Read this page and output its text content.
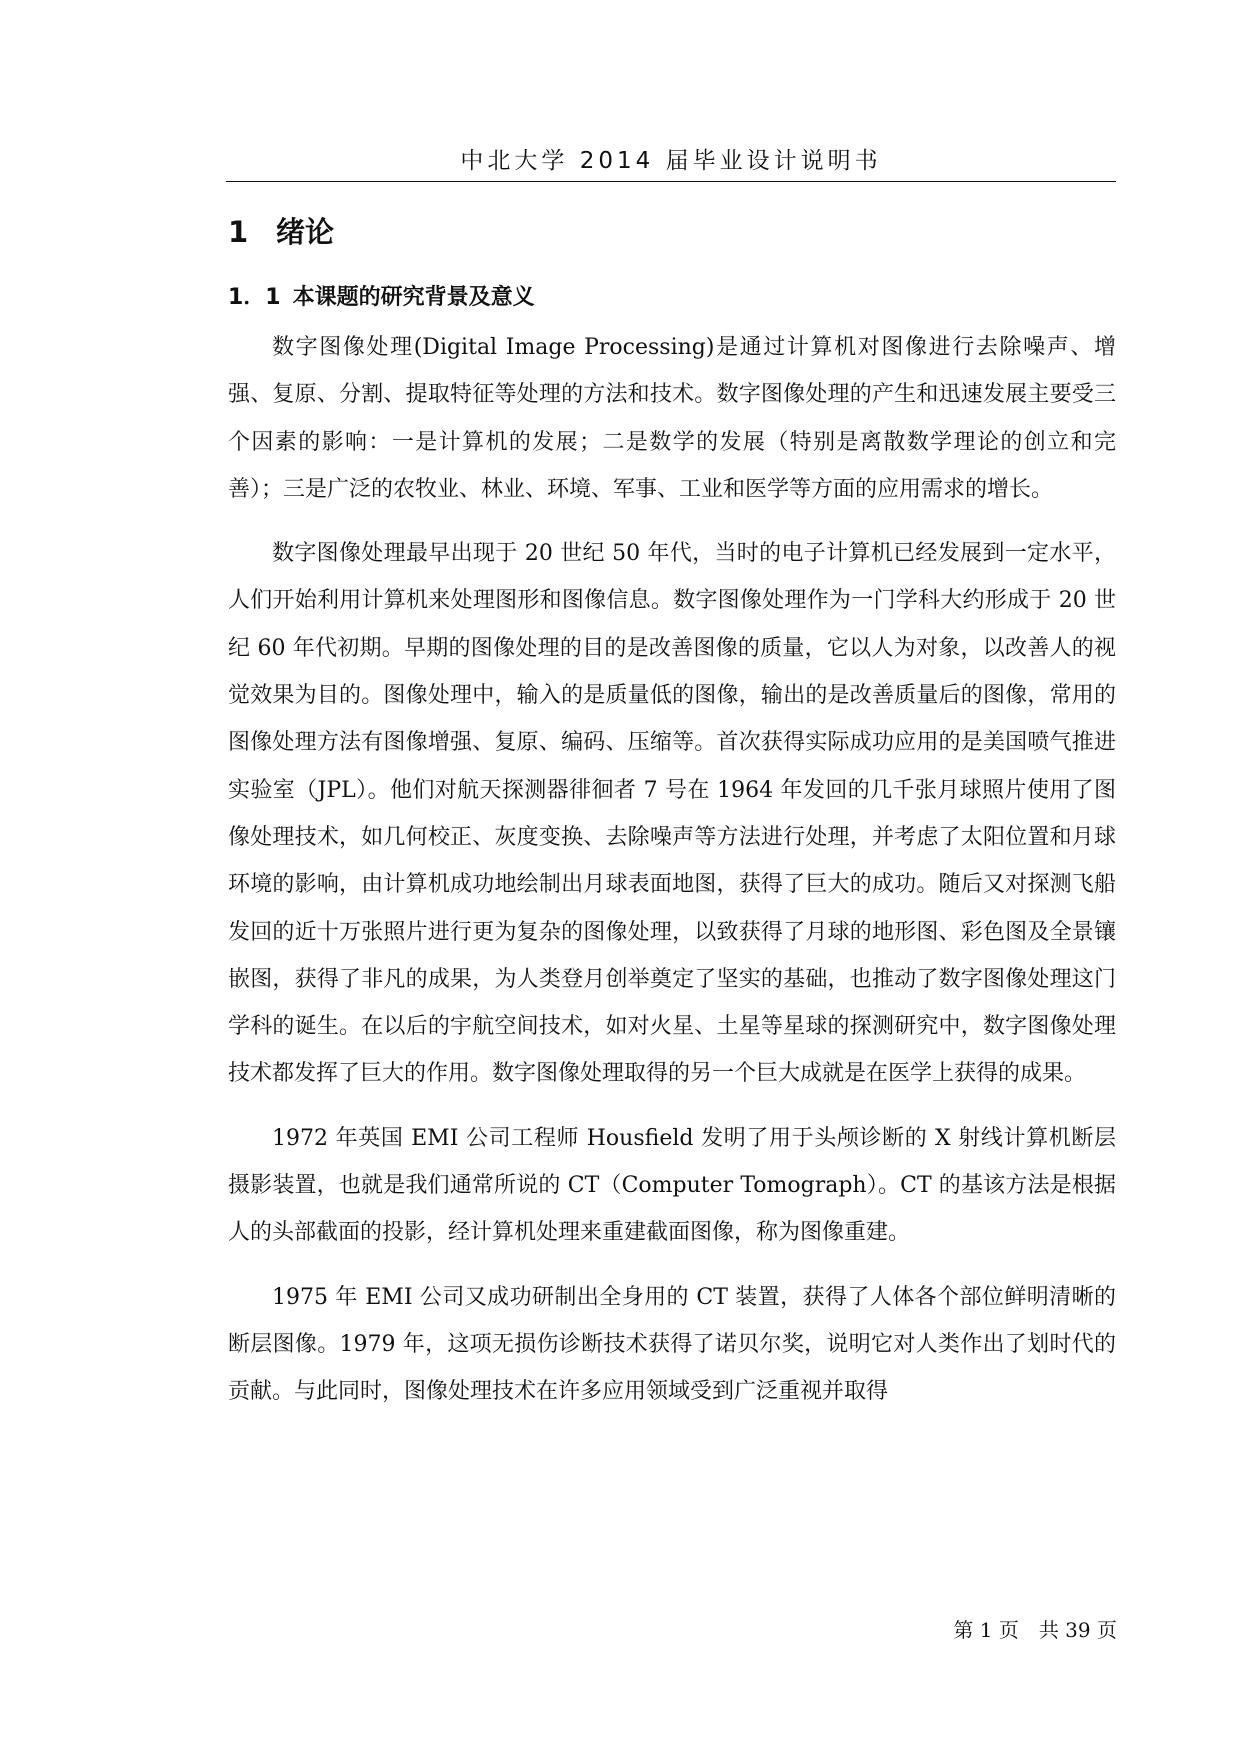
中北大学 2014 届毕业设计说明书
1 绪论
1．1 本课题的研究背景及意义

数字图像处理(Digital Image Processing)是通过计算机对图像进行去除噪声、增强、复原、分割、提取特征等处理的方法和技术。数字图像处理的产生和迅速发展主要受三个因素的影响：一是计算机的发展；二是数学的发展（特别是离散数学理论的创立和完善）；三是广泛的农牧业、林业、环境、军事、工业和医学等方面的应用需求的增长。

数字图像处理最早出现于 20 世纪 50 年代，当时的电子计算机已经发展到一定水平，人们开始利用计算机来处理图形和图像信息。数字图像处理作为一门学科大约形成于 20 世纪 60 年代初期。早期的图像处理的目的是改善图像的质量，它以人为对象，以改善人的视觉效果为目的。图像处理中，输入的是质量低的图像，输出的是改善质量后的图像，常用的图像处理方法有图像增强、复原、编码、压缩等。首次获得实际成功应用的是美国喷气推进实验室（JPL）。他们对航天探测器徘徊者 7 号在 1964 年发回的几千张月球照片使用了图像处理技术，如几何校正、灰度变换、去除噪声等方法进行处理，并考虑了太阳位置和月球环境的影响，由计算机成功地绘制出月球表面地图，获得了巨大的成功。随后又对探测飞船发回的近十万张照片进行更为复杂的图像处理，以致获得了月球的地形图、彩色图及全景镶嵌图，获得了非凡的成果，为人类登月创举奠定了坚实的基础，也推动了数字图像处理这门学科的诞生。在以后的宇航空间技术，如对火星、土星等星球的探测研究中，数字图像处理技术都发挥了巨大的作用。数字图像处理取得的另一个巨大成就是在医学上获得的成果。

1972 年英国 EMI 公司工程师 Housfield 发明了用于头颅诊断的 X 射线计算机断层摄影装置，也就是我们通常所说的 CT（Computer Tomograph）。CT 的基该方法是根据人的头部截面的投影，经计算机处理来重建截面图像，称为图像重建。

1975 年 EMI 公司又成功研制出全身用的 CT 装置，获得了人体各个部位鲜明清晰的断层图像。1979 年，这项无损伤诊断技术获得了诺贝尔奖，说明它对人类作出了划时代的贡献。与此同时，图像处理技术在许多应用领域受到广泛重视并取得

第 1 页　共 39 页
